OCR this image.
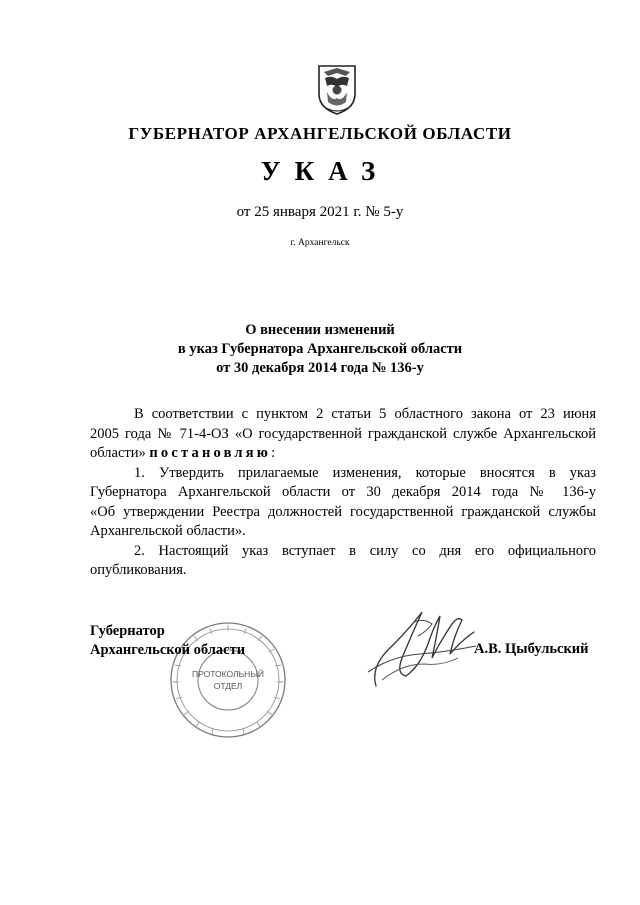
ГУБЕРНАТОР АРХАНГЕЛЬСКОЙ ОБЛАСТИ
УКАЗ
от 25 января 2021 г. № 5-у
г. Архангельск
О внесении изменений
в указ Губернатора Архангельской области
от 30 декабря 2014 года № 136-у
В соответствии с пунктом 2 статьи 5 областного закона от 23 июня
2005 года № 71-4-ОЗ «О государственной гражданской службе Архангельской
области» постановляю:
1. Утвердить прилагаемые изменения, которые вносятся в указ
Губернатора Архангельской области от 30 декабря 2014 года № 136-у
«Об утверждении Реестра должностей государственной гражданской службы
Архангельской области».
2. Настоящий указ вступает в силу со дня его официального
опубликования.
ПРОТОКОЛЬНЫЙ
ОТДЕЛ
Губернатор
Архангельской области	А.В. Цыбульский
